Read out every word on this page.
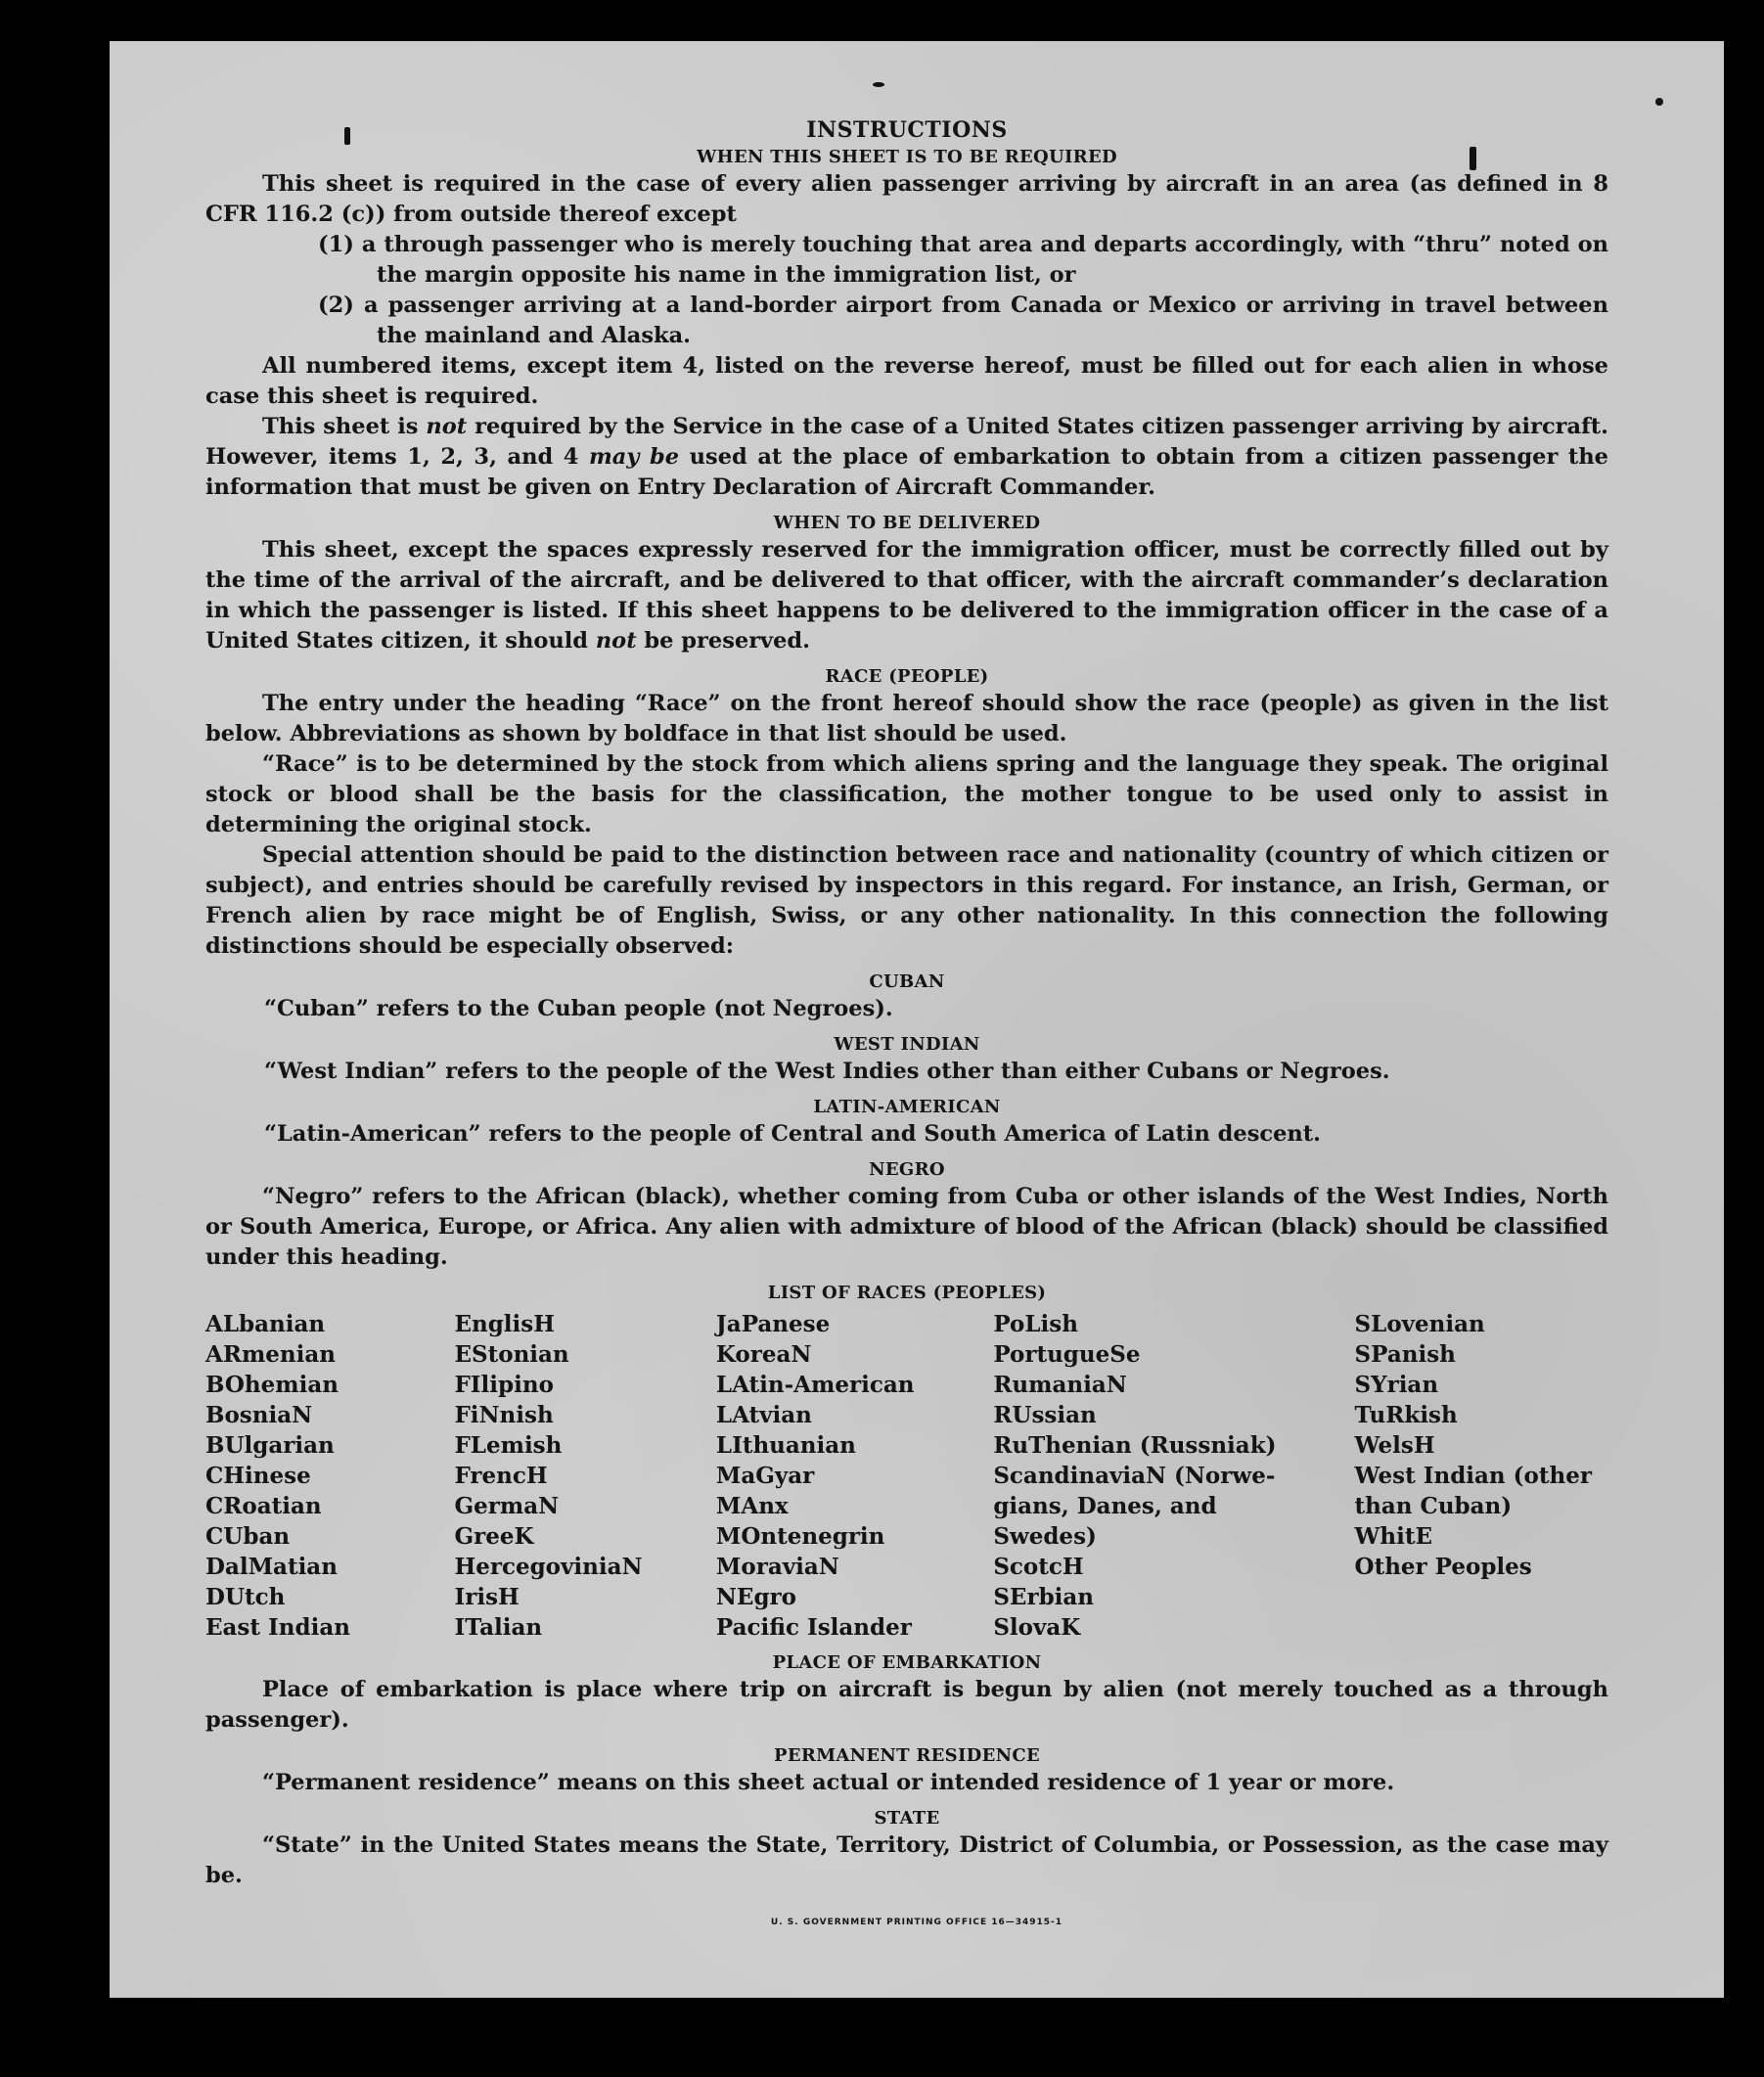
INSTRUCTIONS
WHEN THIS SHEET IS TO BE REQUIRED

This sheet is required in the case of every alien passenger arriving by aircraft in an area (as defined in 8 CFR 116.2 (c)) from outside thereof except

(1) a through passenger who is merely touching that area and departs accordingly, with “thru” noted on the margin opposite his name in the immigration list, or

(2) a passenger arriving at a land-border airport from Canada or Mexico or arriving in travel between the mainland and Alaska.

All numbered items, except item 4, listed on the reverse hereof, must be filled out for each alien in whose case this sheet is required.

This sheet is not required by the Service in the case of a United States citizen passenger arriving by aircraft. However, items 1, 2, 3, and 4 may be used at the place of embarkation to obtain from a citizen passenger the information that must be given on Entry Declaration of Aircraft Commander.

WHEN TO BE DELIVERED

This sheet, except the spaces expressly reserved for the immigration officer, must be correctly filled out by the time of the arrival of the aircraft, and be delivered to that officer, with the aircraft commander’s declaration in which the passenger is listed. If this sheet happens to be delivered to the immigration officer in the case of a United States citizen, it should not be preserved.

RACE (PEOPLE)

The entry under the heading “Race” on the front hereof should show the race (people) as given in the list below. Abbreviations as shown by boldface in that list should be used.

“Race” is to be determined by the stock from which aliens spring and the language they speak. The original stock or blood shall be the basis for the classification, the mother tongue to be used only to assist in determining the original stock.

Special attention should be paid to the distinction between race and nationality (country of which citizen or subject), and entries should be carefully revised by inspectors in this regard. For instance, an Irish, German, or French alien by race might be of English, Swiss, or any other nationality. In this connection the following distinctions should be especially observed:

CUBAN

“Cuban” refers to the Cuban people (not Negroes).

WEST INDIAN

“West Indian” refers to the people of the West Indies other than either Cubans or Negroes.

LATIN-AMERICAN

“Latin-American” refers to the people of Central and South America of Latin descent.

NEGRO

“Negro” refers to the African (black), whether coming from Cuba or other islands of the West Indies, North or South America, Europe, or Africa. Any alien with admixture of blood of the African (black) should be classified under this heading.

LIST OF RACES (PEOPLES)
ALbanian
ARmenian
BOhemian
BosniaN
BUlgarian
CHinese
CRoatian
CUban
DalMatian
DUtch
East Indian
EnglisH
EStonian
FIlipino
FiNnish
FLemish
FrencH
GermaN
GreeK
HercegoviniaN
IrisH
ITalian
JaPanese
KoreaN
LAtin-American
LAtvian
LIthuanian
MaGyar
MAnx
MOntenegrin
MoraviaN
NEgro
Pacific Islander
PoLish
PortugueSe
RumaniaN
RUssian
RuThenian (Russniak)
ScandinaviaN (Norwe-
gians, Danes, and
Swedes)
ScotcH
SErbian
SlovaK
SLovenian
SPanish
SYrian
TuRkish
WelsH
West Indian (other
than Cuban)
WhitE
Other Peoples
PLACE OF EMBARKATION

Place of embarkation is place where trip on aircraft is begun by alien (not merely touched as a through passenger).

PERMANENT RESIDENCE

“Permanent residence” means on this sheet actual or intended residence of 1 year or more.

STATE

“State” in the United States means the State, Territory, District of Columbia, or Possession, as the case may be.

U. S. GOVERNMENT PRINTING OFFICE 16—34915-1
